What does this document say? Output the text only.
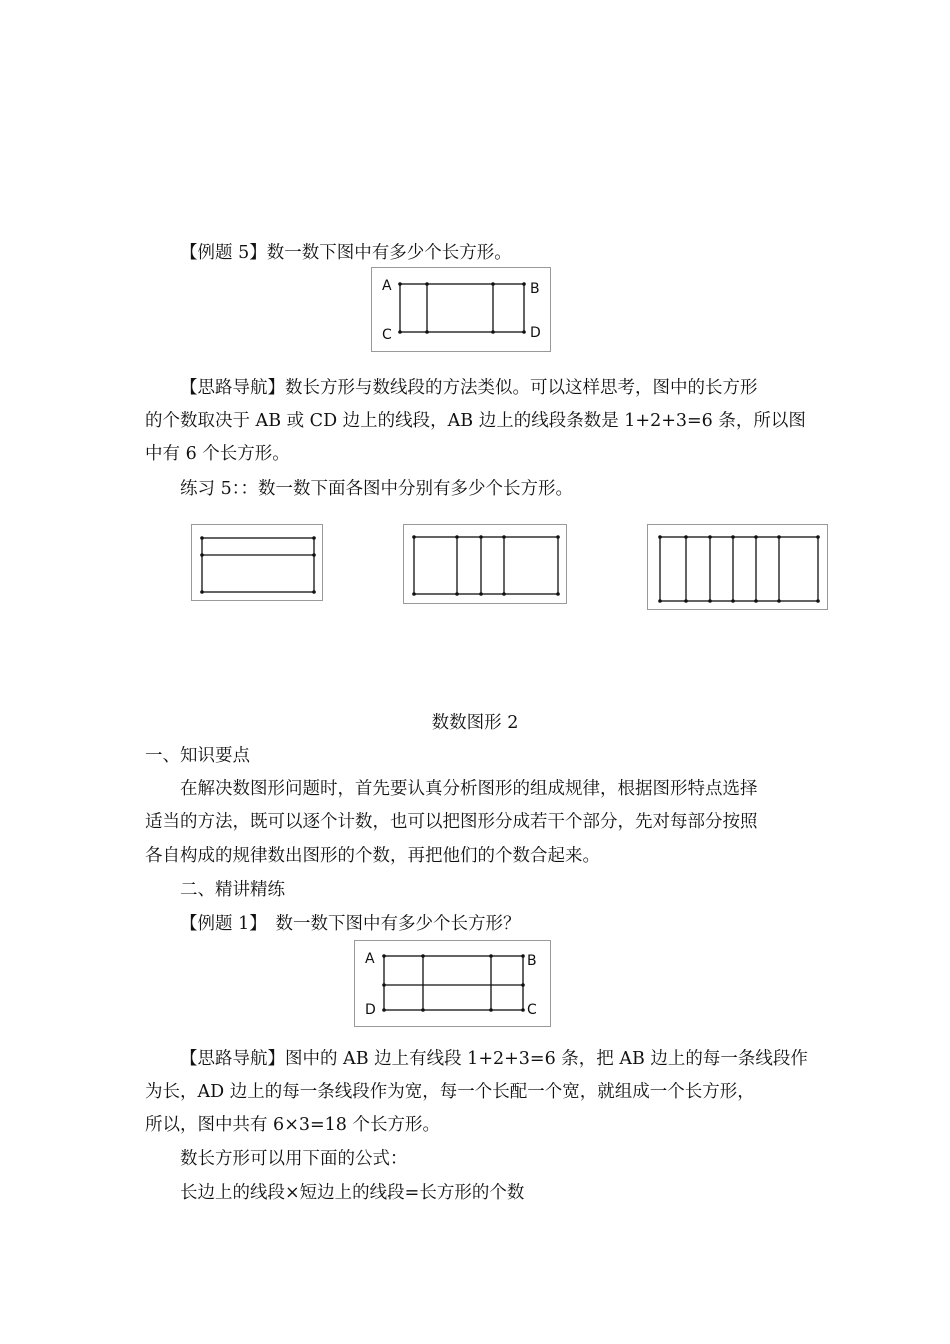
【例题 5】数一数下图中有多少个长方形。
A	B
C	D
【思路导航】数长方形与数线段的方法类似。可以这样思考，图中的长方形
的个数取决于 AB 或 CD 边上的线段，AB 边上的线段条数是 1+2+3=6 条，所以图
中有 6 个长方形。
练习 5：：数一数下面各图中分别有多少个长方形。
数数图形 2
一、知识要点
在解决数图形问题时，首先要认真分析图形的组成规律，根据图形特点选择
适当的方法，既可以逐个计数，也可以把图形分成若干个部分，先对每部分按照
各自构成的规律数出图形的个数，再把他们的个数合起来。
二、精讲精练
【例题 1】　数一数下图中有多少个长方形？
A	B
D	C
【思路导航】图中的 AB 边上有线段 1+2+3=6 条，把 AB 边上的每一条线段作
为长，AD 边上的每一条线段作为宽，每一个长配一个宽，就组成一个长方形，
所以，图中共有 6×3=18 个长方形。
数长方形可以用下面的公式：
长边上的线段×短边上的线段=长方形的个数
